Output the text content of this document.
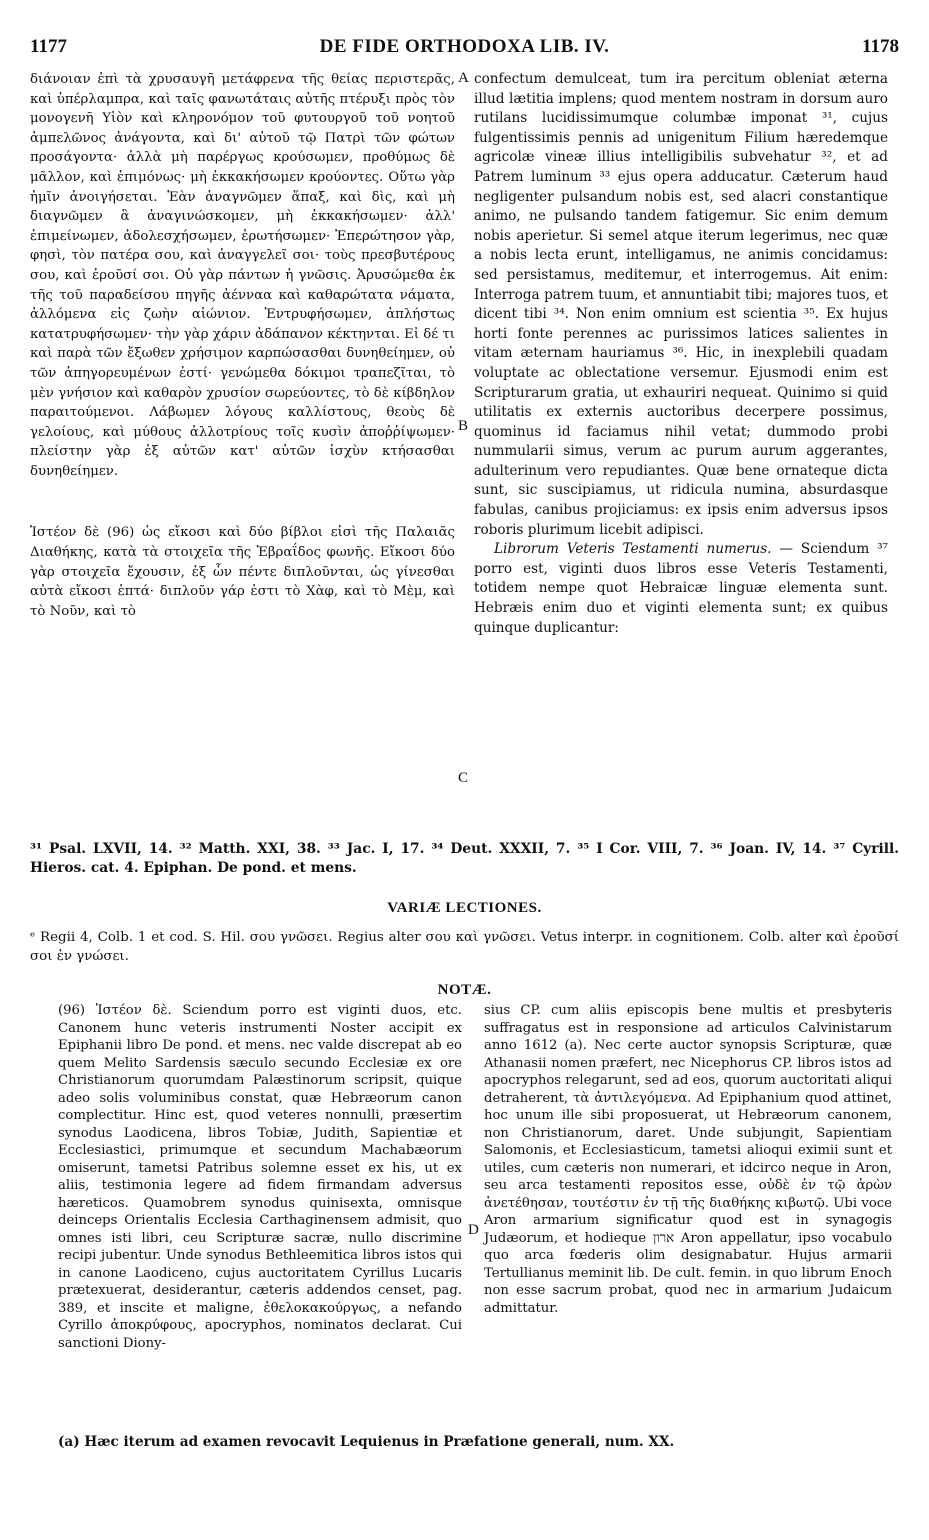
1177	DE FIDE ORTHODOXA LIB. IV.	1178

διάνοιαν ἐπὶ τὰ χρυσαυγῆ μετάφρενα τῆς θείας περιστερᾶς, καὶ ὑπέρλαμπρα, καὶ ταῖς φανωτάταις αὐτῆς πτέρυξι πρὸς τὸν μονογενῆ Υἱὸν καὶ κληρονόμον τοῦ φυτουργοῦ τοῦ νοητοῦ ἀμπελῶνος ἀνάγοντα, καὶ δι' αὐτοῦ τῷ Πατρὶ τῶν φώτων προσάγοντα· ἀλλὰ μὴ παρέργως κρούσωμεν, προθύμως δὲ μᾶλλον, καὶ ἐπιμόνως· μὴ ἐκκακήσωμεν κρούοντες. Οὕτω γὰρ ἡμῖν ἀνοιγήσεται. Ἐὰν ἀναγνῶμεν ἅπαξ, καὶ δὶς, καὶ μὴ διαγνῶμεν ἃ ἀναγινώσκομεν, μὴ ἐκκακήσωμεν· ἀλλ' ἐπιμείνωμεν, ἀδολεσχήσωμεν, ἐρωτήσωμεν· Ἐπερώτησον γὰρ, φησὶ, τὸν πατέρα σου, καὶ ἀναγγελεῖ σοι· τοὺς πρεσβυτέρους σου, καὶ ἐροῦσί σοι. Οὐ γὰρ πάντων ἡ γνῶσις. Ἀρυσώμεθα ἐκ τῆς τοῦ παραδείσου πηγῆς ἀένναα καὶ καθαρώτατα νάματα, ἀλλόμενα εἰς ζωὴν αἰώνιον. Ἐντρυφήσωμεν, ἀπλήστως κατατρυφήσωμεν· τὴν γὰρ χάριν ἀδάπανον κέκτηνται. Εἰ δέ τι καὶ παρὰ τῶν ἔξωθεν χρήσιμον καρπώσασθαι δυνηθείημεν, οὐ τῶν ἀπηγορευμένων ἐστί· γενώμεθα δόκιμοι τραπεζῖται, τὸ μὲν γνήσιον καὶ καθαρὸν χρυσίον σωρεύοντες, τὸ δὲ κίβδηλον παραιτούμενοι. Λάβωμεν λόγους καλλίστους, θεοὺς δὲ γελοίους, καὶ μύθους ἀλλοτρίους τοῖς κυσὶν ἀποῤῥίψωμεν· πλείστην γὰρ ἐξ αὐτῶν κατ' αὐτῶν ἰσχὺν κτήσασθαι δυνηθείημεν.

Ἰστέον δὲ (96) ὡς εἴκοσι καὶ δύο βίβλοι εἰσὶ τῆς Παλαιᾶς Διαθήκης, κατὰ τὰ στοιχεῖα τῆς Ἑβραΐδος φωνῆς. Εἴκοσι δύο γὰρ στοιχεῖα ἔχουσιν, ἐξ ὧν πέντε διπλοῦνται, ὡς γίνεσθαι αὐτὰ εἴκοσι ἑπτά· διπλοῦν γάρ ἐστι τὸ Χὰφ, καὶ τὸ Μὲμ, καὶ τὸ Νοῦν, καὶ τὸ

A
B
C
D

confectum demulceat, tum ira percitum obleniat æterna illud lætitia implens; quod mentem nostram in dorsum auro rutilans lucidissimumque columbæ imponat ³¹, cujus fulgentissimis pennis ad unigenitum Filium hæredemque agricolæ vineæ illius intelligibilis subvehatur ³², et ad Patrem luminum ³³ ejus opera adducatur. Cæterum haud negligenter pulsandum nobis est, sed alacri constantique animo, ne pulsando tandem fatigemur. Sic enim demum nobis aperietur. Si semel atque iterum legerimus, nec quæ a nobis lecta erunt, intelligamus, ne animis concidamus: sed persistamus, meditemur, et interrogemus. Ait enim: Interroga patrem tuum, et annuntiabit tibi; majores tuos, et dicent tibi ³⁴. Non enim omnium est scientia ³⁵. Ex hujus horti fonte perennes ac purissimos latices salientes in vitam æternam hauriamus ³⁶. Hic, in inexplebili quadam voluptate ac oblectatione versemur. Ejusmodi enim est Scripturarum gratia, ut exhauriri nequeat. Quinimo si quid utilitatis ex externis auctoribus decerpere possimus, quominus id faciamus nihil vetat; dummodo probi nummularii simus, verum ac purum aurum aggerantes, adulterinum vero repudiantes. Quæ bene ornateque dicta sunt, sic suscipiamus, ut ridicula numina, absurdasque fabulas, canibus projiciamus: ex ipsis enim adversus ipsos roboris plurimum licebit adipisci.

Librorum Veteris Testamenti numerus. — Sciendum ³⁷ porro est, viginti duos libros esse Veteris Testamenti, totidem nempe quot Hebraicæ linguæ elementa sunt. Hebræis enim duo et viginti elementa sunt; ex quibus quinque duplicantur:

³¹ Psal. LXVII, 14. ³² Matth. XXI, 38. ³³ Jac. I, 17. ³⁴ Deut. XXXII, 7. ³⁵ I Cor. VIII, 7. ³⁶ Joan. IV, 14. ³⁷ Cyrill. Hieros. cat. 4. Epiphan. De pond. et mens.
VARIÆ LECTIONES.
ᵉ Regii 4, Colb. 1 et cod. S. Hil. σου γνῶσει. Regius alter σου καὶ γνῶσει. Vetus interpr. in cognitionem. Colb. alter καὶ ἐροῦσί σοι ἐν γνώσει.
NOTÆ.
(96) Ἰστέον δὲ. Sciendum porro est viginti duos, etc. Canonem hunc veteris instrumenti Noster accipit ex Epiphanii libro De pond. et mens. nec valde discrepat ab eo quem Melito Sardensis sæculo secundo Ecclesiæ ex ore Christianorum quorumdam Palæstinorum scripsit, quique adeo solis voluminibus constat, quæ Hebræorum canon complectitur. Hinc est, quod veteres nonnulli, præsertim synodus Laodicena, libros Tobiæ, Judith, Sapientiæ et Ecclesiastici, primumque et secundum Machabæorum omiserunt, tametsi Patribus solemne esset ex his, ut ex aliis, testimonia legere ad fidem firmandam adversus hæreticos. Quamobrem synodus quinisexta, omnisque deinceps Orientalis Ecclesia Carthaginensem admisit, quo omnes isti libri, ceu Scripturæ sacræ, nullo discrimine recipi jubentur. Unde synodus Bethleemitica libros istos qui in canone Laodiceno, cujus auctoritatem Cyrillus Lucaris prætexuerat, desiderantur, cæteris addendos censet, pag. 389, et inscite et maligne, ἐθελοκακούργως, a nefando Cyrillo ἀποκρύφους, apocryphos, nominatos declarat. Cui sanctioni Diony-
sius CP. cum aliis episcopis bene multis et presbyteris suffragatus est in responsione ad articulos Calvinistarum anno 1612 (a). Nec certe auctor synopsis Scripturæ, quæ Athanasii nomen præfert, nec Nicephorus CP. libros istos ad apocryphos relegarunt, sed ad eos, quorum auctoritati aliqui detraherent, τὰ ἀντιλεγόμενα. Ad Epiphanium quod attinet, hoc unum ille sibi proposuerat, ut Hebræorum canonem, non Christianorum, daret. Unde subjungit, Sapientiam Salomonis, et Ecclesiasticum, tametsi alioqui eximii sunt et utiles, cum cæteris non numerari, et idcirco neque in Aron, seu arca testamenti repositos esse, οὐδὲ ἐν τῷ ἀρὼν ἀνετέθησαν, τουτέστιν ἐν τῇ τῆς διαθήκης κιβωτῷ. Ubi voce Aron armarium significatur quod est in synagogis Judæorum, et hodieque ארון Aron appellatur, ipso vocabulo quo arca fœderis olim designabatur. Hujus armarii Tertullianus meminit lib. De cult. femin. in quo librum Enoch non esse sacrum probat, quod nec in armarium Judaicum admittatur.
(a) Hæc iterum ad examen revocavit Lequienus in Præfatione generali, num. XX.
